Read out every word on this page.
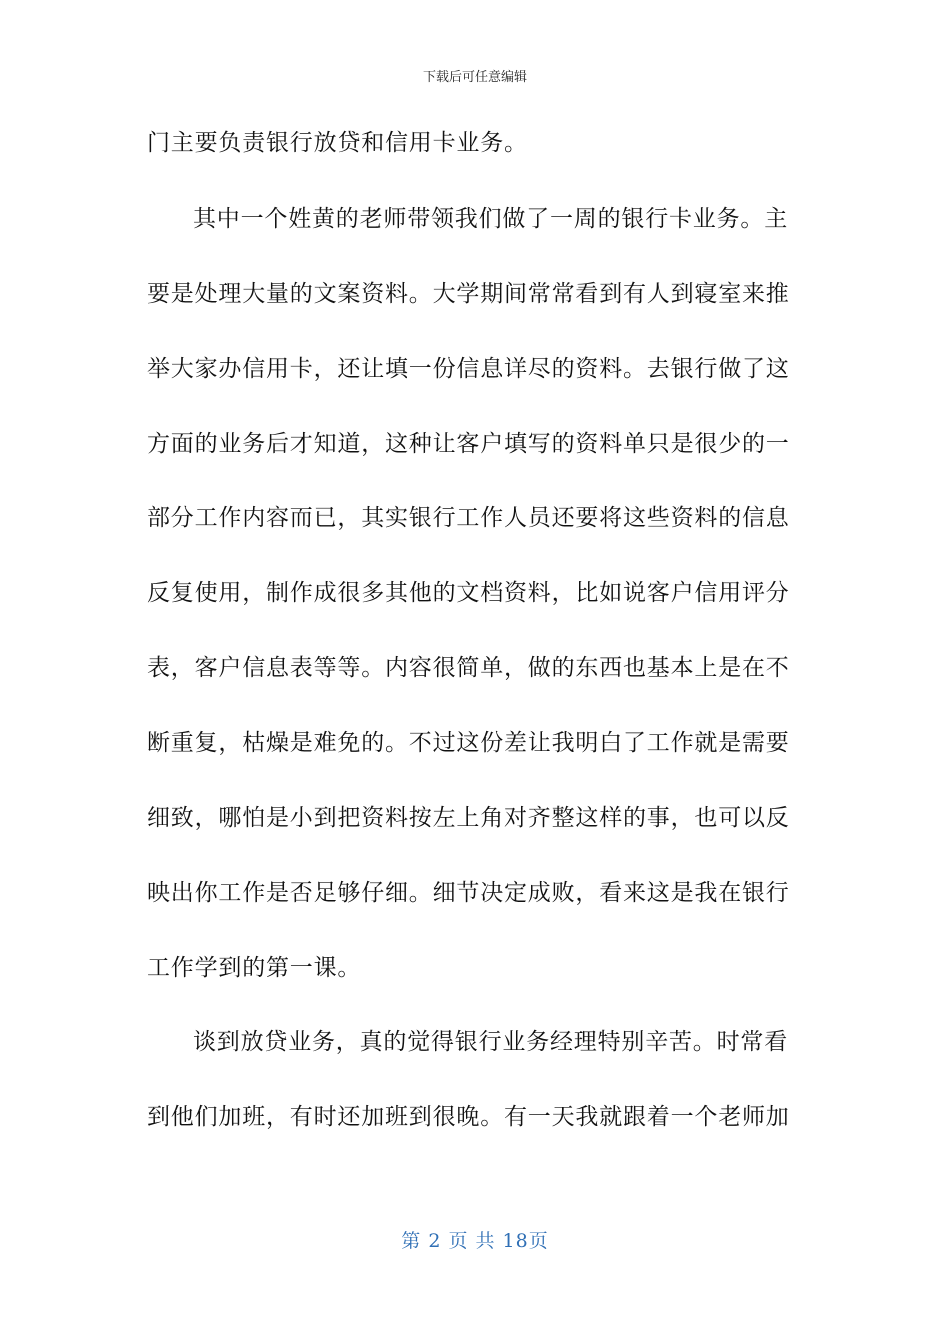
下载后可任意编辑
门主要负责银行放贷和信用卡业务。
其中一个姓黄的老师带领我们做了一周的银行卡业务。主
要是处理大量的文案资料。大学期间常常看到有人到寝室来推
举大家办信用卡，还让填一份信息详尽的资料。去银行做了这
方面的业务后才知道，这种让客户填写的资料单只是很少的一
部分工作内容而已，其实银行工作人员还要将这些资料的信息
反复使用，制作成很多其他的文档资料，比如说客户信用评分
表，客户信息表等等。内容很简单，做的东西也基本上是在不
断重复，枯燥是难免的。不过这份差让我明白了工作就是需要
细致，哪怕是小到把资料按左上角对齐整这样的事，也可以反
映出你工作是否足够仔细。细节决定成败，看来这是我在银行
工作学到的第一课。
谈到放贷业务，真的觉得银行业务经理特别辛苦。时常看
到他们加班，有时还加班到很晚。有一天我就跟着一个老师加
第 2 页 共 18页
